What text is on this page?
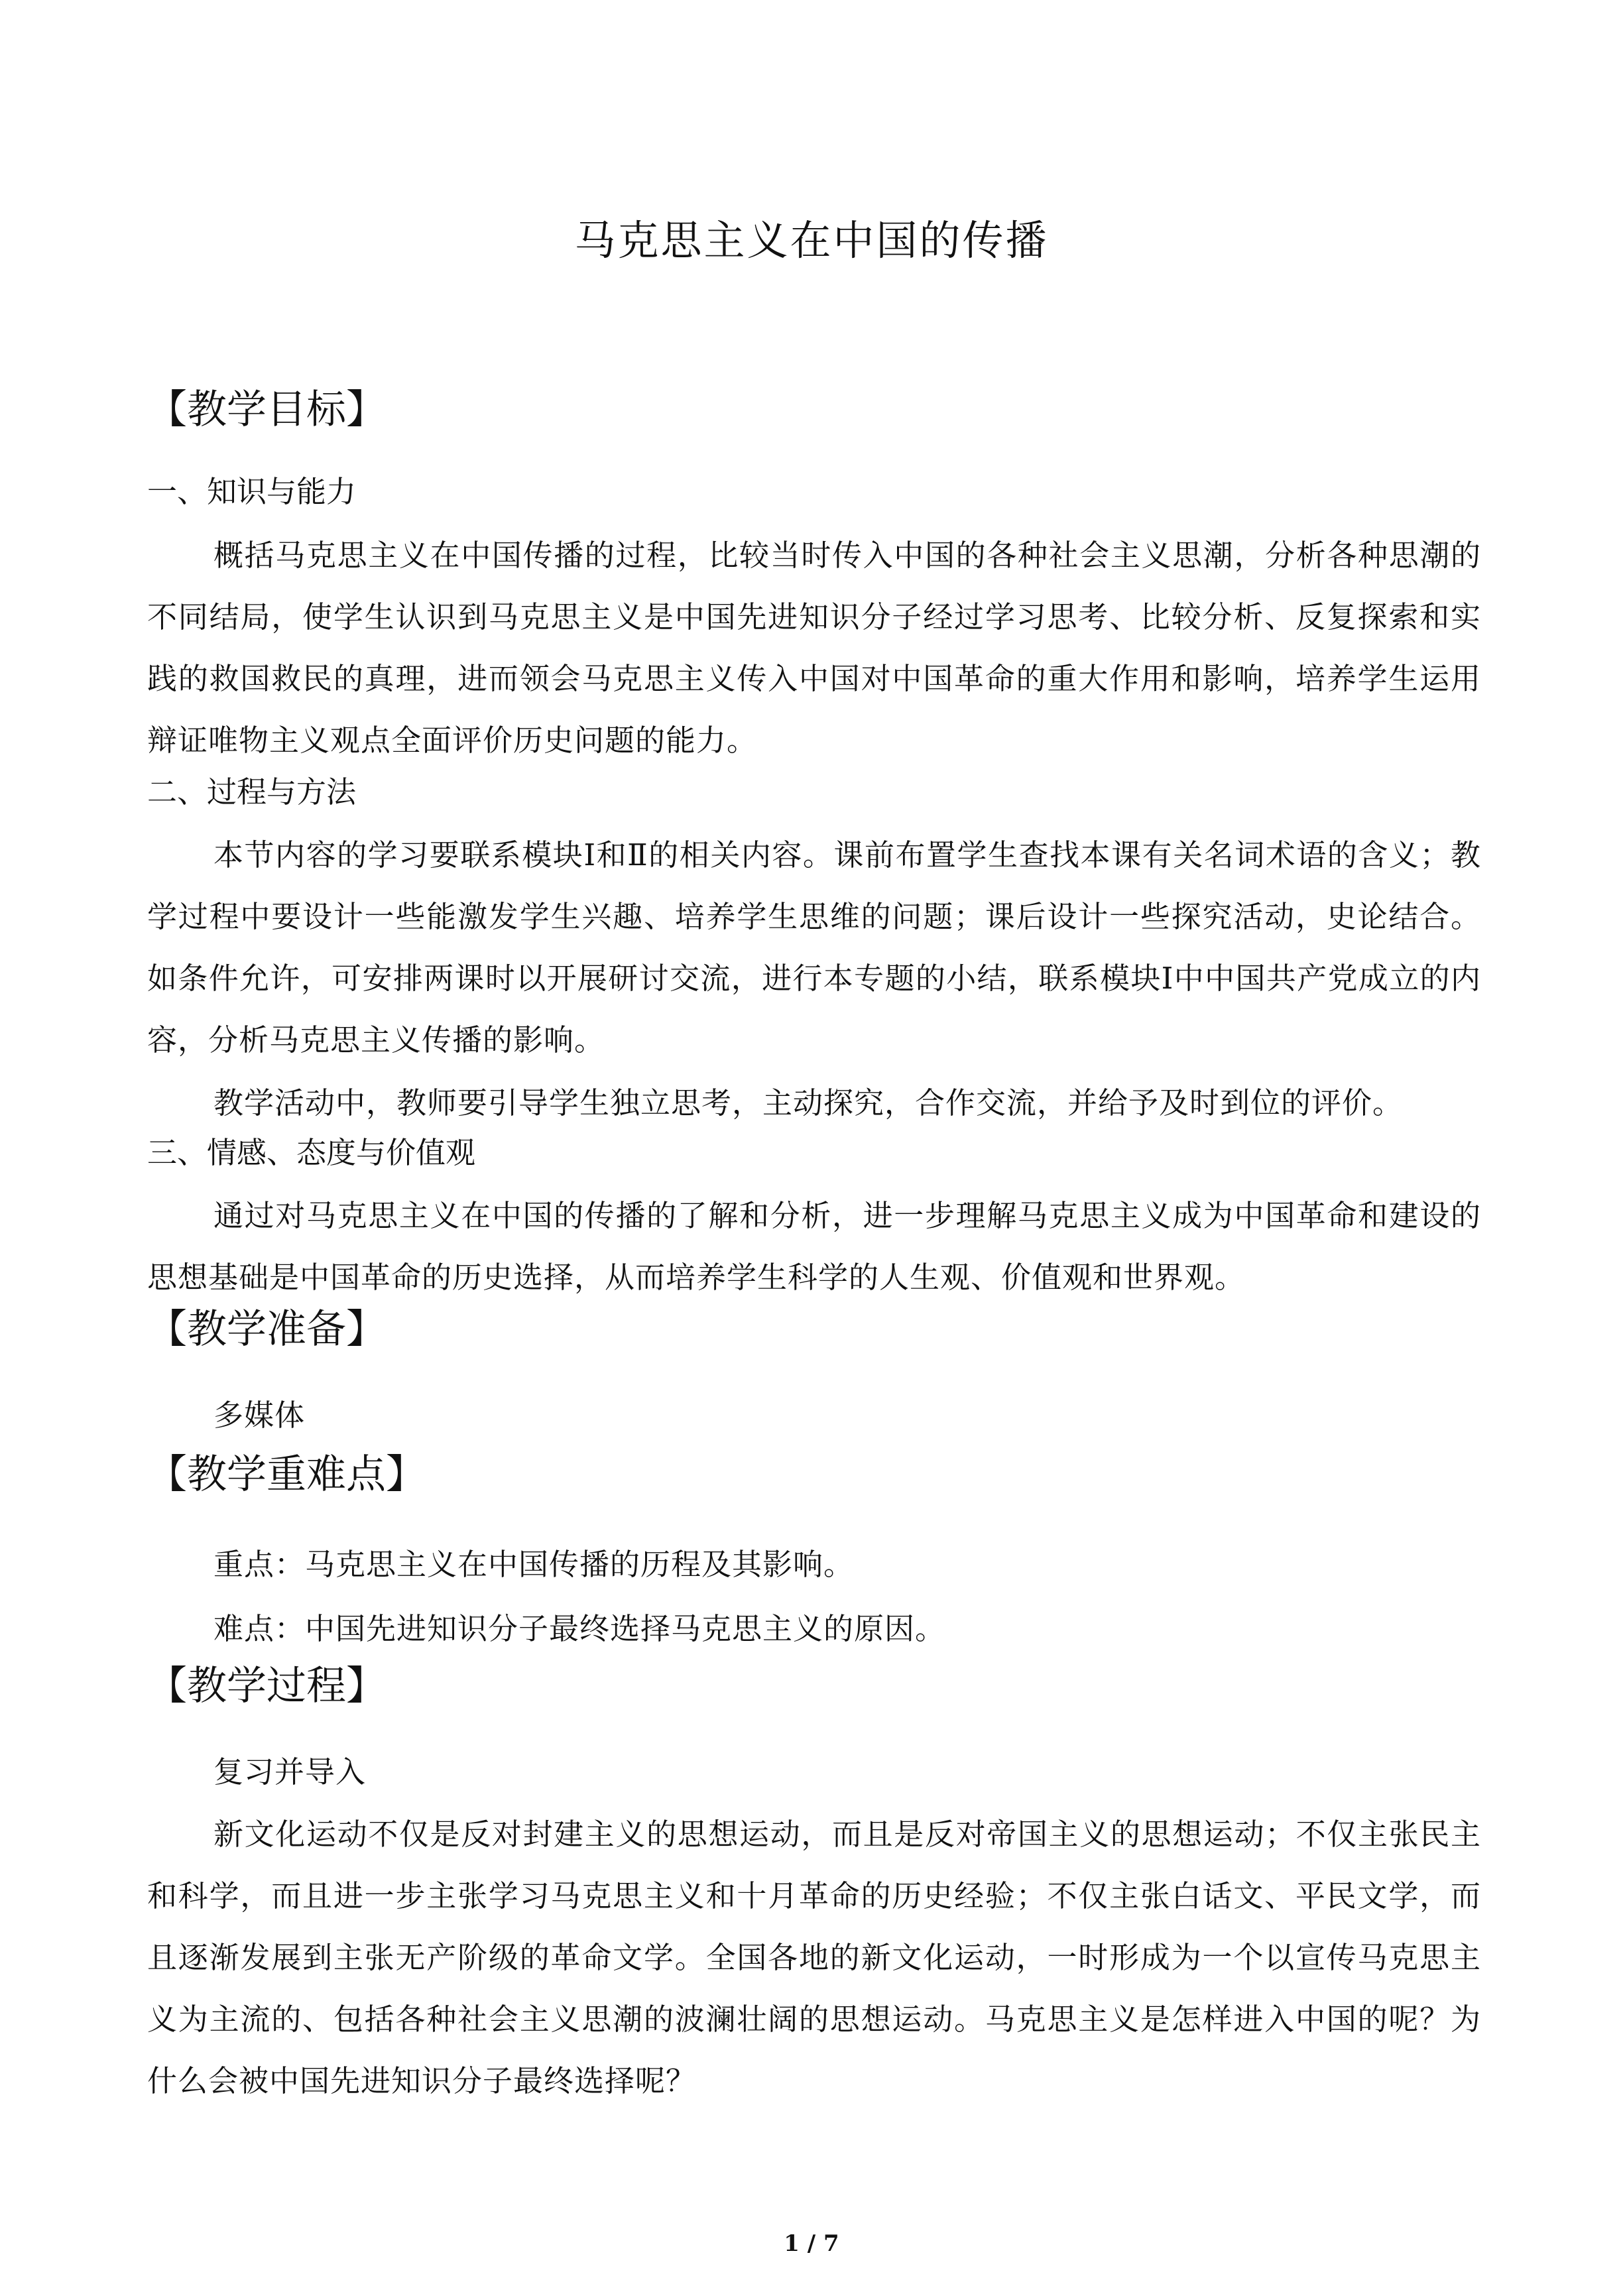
马克思主义在中国的传播
【教学目标】
一、知识与能力
概括马克思主义在中国传播的过程，比较当时传入中国的各种社会主义思潮，分析各种思潮的不同结局，使学生认识到马克思主义是中国先进知识分子经过学习思考、比较分析、反复探索和实践的救国救民的真理，进而领会马克思主义传入中国对中国革命的重大作用和影响，培养学生运用辩证唯物主义观点全面评价历史问题的能力。
二、过程与方法
本节内容的学习要联系模块Ⅰ和Ⅱ的相关内容。课前布置学生查找本课有关名词术语的含义；教学过程中要设计一些能激发学生兴趣、培养学生思维的问题；课后设计一些探究活动，史论结合。如条件允许，可安排两课时以开展研讨交流，进行本专题的小结，联系模块Ⅰ中中国共产党成立的内容，分析马克思主义传播的影响。
教学活动中，教师要引导学生独立思考，主动探究，合作交流，并给予及时到位的评价。
三、情感、态度与价值观
通过对马克思主义在中国的传播的了解和分析，进一步理解马克思主义成为中国革命和建设的思想基础是中国革命的历史选择，从而培养学生科学的人生观、价值观和世界观。
【教学准备】
多媒体
【教学重难点】
重点：马克思主义在中国传播的历程及其影响。
难点：中国先进知识分子最终选择马克思主义的原因。
【教学过程】
复习并导入
新文化运动不仅是反对封建主义的思想运动，而且是反对帝国主义的思想运动；不仅主张民主和科学，而且进一步主张学习马克思主义和十月革命的历史经验；不仅主张白话文、平民文学，而且逐渐发展到主张无产阶级的革命文学。全国各地的新文化运动，一时形成为一个以宣传马克思主义为主流的、包括各种社会主义思潮的波澜壮阔的思想运动。马克思主义是怎样进入中国的呢？为什么会被中国先进知识分子最终选择呢？
1 / 7
